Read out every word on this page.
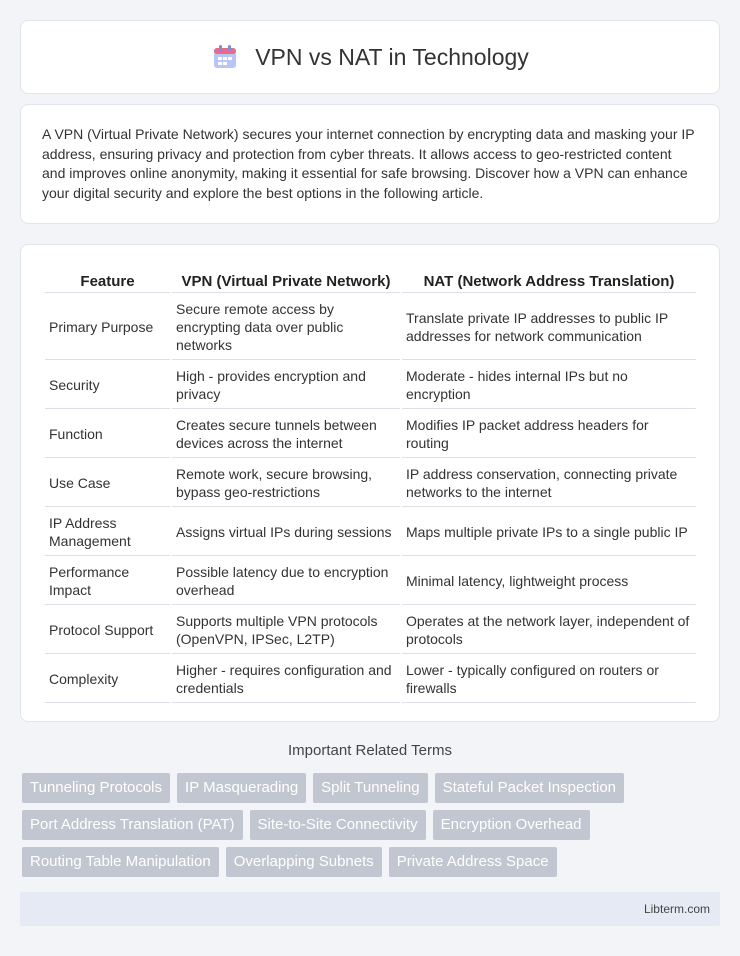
VPN vs NAT in Technology

A VPN (Virtual Private Network) secures your internet connection by encrypting data and masking your IP address, ensuring privacy and protection from cyber threats. It allows access to geo-restricted content and improves online anonymity, making it essential for safe browsing. Discover how a VPN can enhance your digital security and explore the best options in the following article.

Feature	VPN (Virtual Private Network)	NAT (Network Address Translation)
Primary Purpose	Secure remote access by encrypting data over public networks	Translate private IP addresses to public IP addresses for network communication
Security	High - provides encryption and privacy	Moderate - hides internal IPs but no encryption
Function	Creates secure tunnels between devices across the internet	Modifies IP packet address headers for routing
Use Case	Remote work, secure browsing, bypass geo-restrictions	IP address conservation, connecting private networks to the internet
IP Address Management	Assigns virtual IPs during sessions	Maps multiple private IPs to a single public IP
Performance Impact	Possible latency due to encryption overhead	Minimal latency, lightweight process
Protocol Support	Supports multiple VPN protocols (OpenVPN, IPSec, L2TP)	Operates at the network layer, independent of protocols
Complexity	Higher - requires configuration and credentials	Lower - typically configured on routers or firewalls
Important Related Terms
Tunneling Protocols	IP Masquerading	Split Tunneling	Stateful Packet Inspection
Port Address Translation (PAT)	Site-to-Site Connectivity	Encryption Overhead
Routing Table Manipulation	Overlapping Subnets	Private Address Space
Libterm.com
